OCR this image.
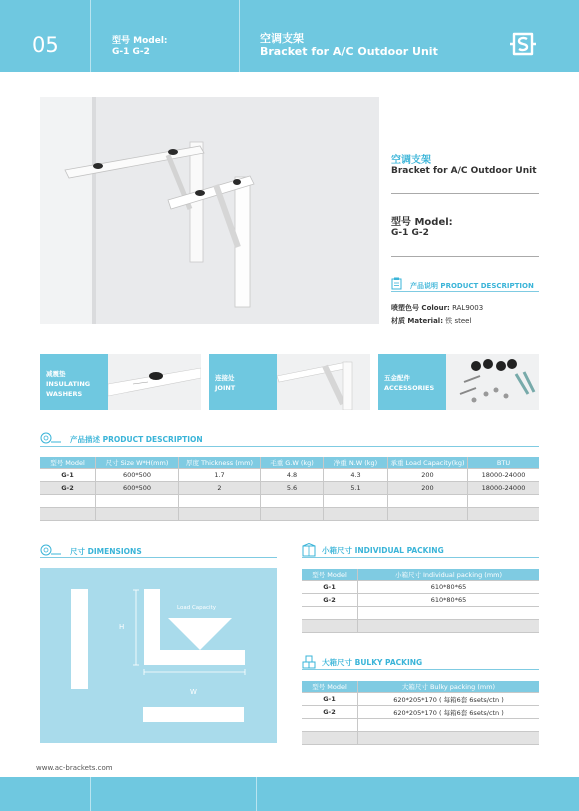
05	型号 Model:
G-1 G-2
空调支架
Bracket for A/C Outdoor Unit
空调支架
Bracket for A/C Outdoor Unit
型号 Model:
G-1 G-2
产品说明 PRODUCT DESCRIPTION
喷塑色号 Colour: RAL9003
材质 Material: 铁 steel
减震垫
INSULATING
WASHERS
连接处
JOINT
五金配件
ACCESSORIES
产品描述 PRODUCT DESCRIPTION
型号 Model	尺寸 Size W*H(mm)	厚度 Thickness (mm)	毛重 G.W (kg)	净重 N.W (kg)	承重 Load Capacity(kg)	BTU
G-1	600*500	1.7	4.8	4.3	200	18000-24000
G-2	600*500	2	5.6	5.1	200	18000-24000

尺寸 DIMENSIONS
H
W
Load Capacity
小箱尺寸 INDIVIDUAL PACKING
型号 Model	小箱尺寸 Individual packing (mm)
G-1	610*80*65
G-2	610*80*65

大箱尺寸 BULKY PACKING
型号 Model	大箱尺寸 Bulky packing (mm)
G-1	620*205*170 ( 每箱6套 6sets/ctn )
G-2	620*205*170 ( 每箱6套 6sets/ctn )

www.ac-brackets.com
